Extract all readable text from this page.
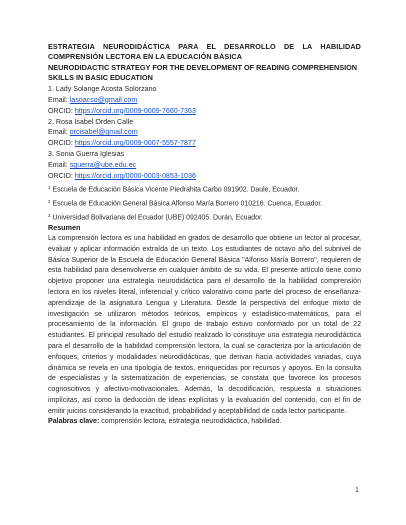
ESTRATEGIA NEURODIDÁCTICA PARA EL DESARROLLO DE LA HABILIDAD COMPRENSIÓN LECTORA EN LA EDUCACIÓN BÁSICA
NEURODIDACTIC STRATEGY FOR THE DEVELOPMENT OF READING COMPREHENSION SKILLS IN BASIC EDUCATION
1. Lady Solange Acosta Solorzano
Email: lasoacso@gmail.com
ORCID: https://orcid.org/0009-0009-7660-7363
2. Rosa Isabel Orden Calle
Email: orcisabel@gmail.com
ORCID: https://orcid.org/0009-0007-5557-7877
3. Sonia Guerra Iglesias
Email: sguerra@ube.edu.ec
ORCID: https://orcid.org/0000-0003-0853-1036
$^1$ Escuela de Educación Básica Vicente Piedrahita Carbo 091902. Daule, Ecuador.
$^2$ Escuela de Educación General Básica Alfonso María Borrero 010216. Cuenca, Ecuador.
$^3$ Universidad Bolivariana del Ecuador (UBE) 092405. Durán, Ecuador.
Resumen
La comprensión lectora es una habilidad en grados de desarrollo que obtiene un lector al procesar, evaluar y aplicar información extraída de un texto. Los estudiantes de octavo año del subnivel de Básica Superior de la Escuela de Educación General Básica "Alfonso María Borrero", requieren de esta habilidad para desenvolverse en cualquier ámbito de su vida. El presente artículo tiene como objetivo proponer una estrategia neurodidáctica para el desarrollo de la habilidad comprensión lectora en los niveles literal, inferencial y crítico valorativo como parte del proceso de enseñanza-aprendizaje de la asignatura Lengua y Literatura. Desde la perspectiva del enfoque mixto de investigación se utilizaron métodos teóricos, empíricos y estadístico-matemáticos, para el procesamiento de la información. El grupo de trabajo estuvo conformado por un total de 22 estudiantes. El principal resultado del estudio realizado lo constituye una estrategia neurodidáctica para el desarrollo de la habilidad comprensión lectora, la cual se caracteriza por la articulación de enfoques, criterios y modalidades neurodidácticas, que derivan hacia actividades variadas, cuya dinámica se revela en una tipología de textos, enriquecidas por recursos y apoyos. En la consulta de especialistas y la sistematización de experiencias, se constata que favorece los procesos cognoscitivos y afectivo-motivacionales. Además, la decodificación, respuesta a situaciones implícitas, así como la deducción de ideas explícitas y la evaluación del contenido, con el fin de emitir juicios considerando la exactitud, probabilidad y aceptabilidad de cada lector participante.
Palabras clave: comprensión lectora, estrategia neurodidáctica, habilidad.
1
